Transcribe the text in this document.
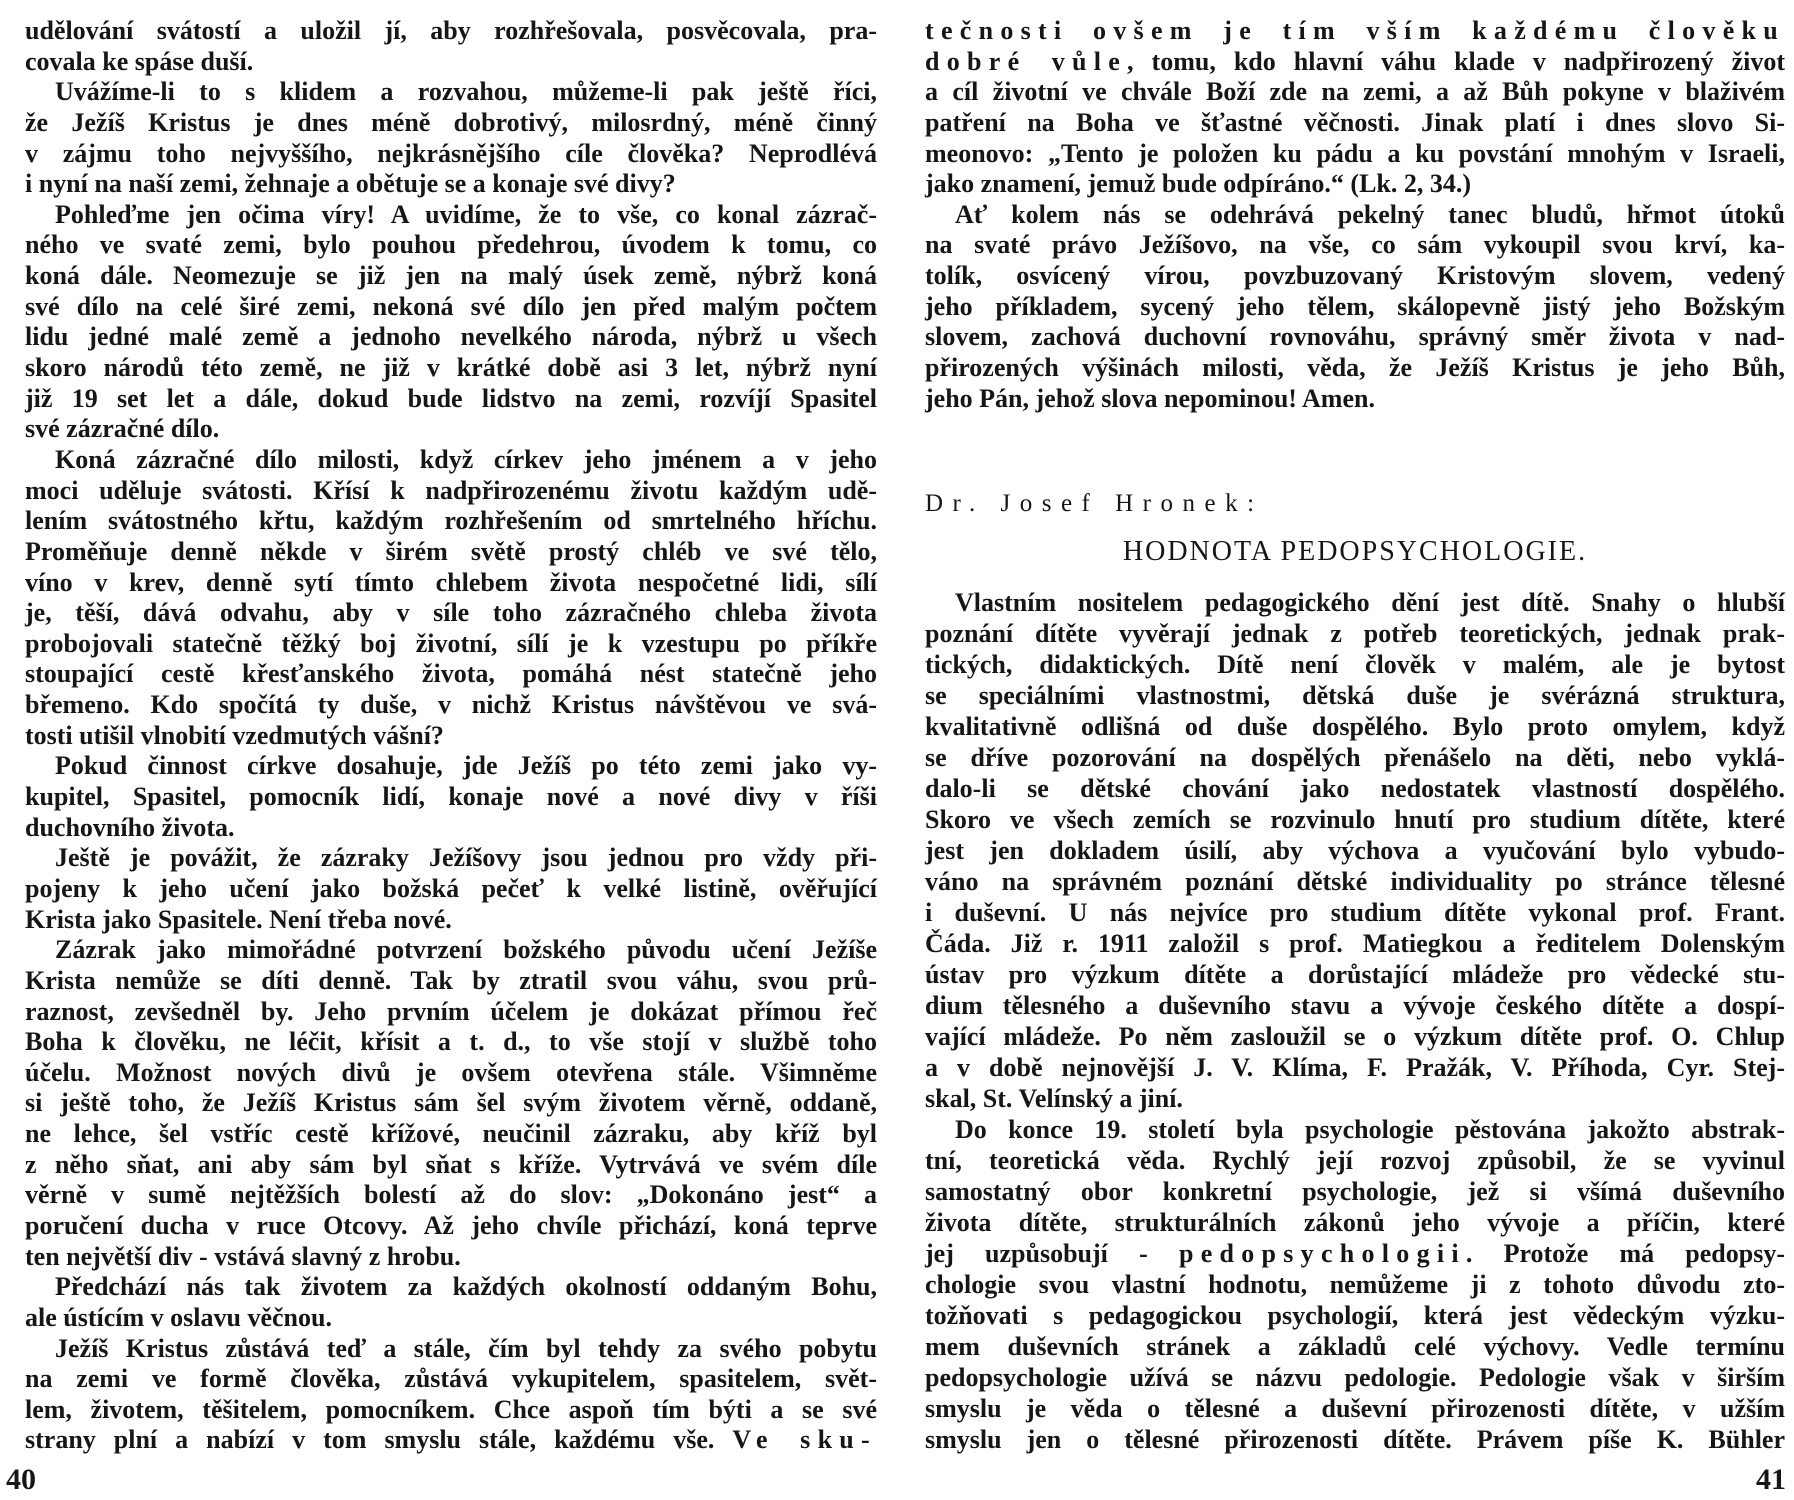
udělování svátostí a uložil jí, aby rozhřešovala, posvěcovala, pra-
covala ke spáse duší.
Uvážíme-li to s klidem a rozvahou, můžeme-li pak ještě říci,
že Ježíš Kristus je dnes méně dobrotivý, milosrdný, méně činný
v zájmu toho nejvyššího, nejkrásnějšího cíle člověka? Neprodlévá
i nyní na naší zemi, žehnaje a obětuje se a konaje své divy?
Pohleďme jen očima víry! A uvidíme, že to vše, co konal zázrač-
ného ve svaté zemi, bylo pouhou předehrou, úvodem k tomu, co
koná dále. Neomezuje se již jen na malý úsek země, nýbrž koná
své dílo na celé širé zemi, nekoná své dílo jen před malým počtem
lidu jedné malé země a jednoho nevelkého národa, nýbrž u všech
skoro národů této země, ne již v krátké době asi 3 let, nýbrž nyní
již 19 set let a dále, dokud bude lidstvo na zemi, rozvíjí Spasitel
své zázračné dílo.
Koná zázračné dílo milosti, když církev jeho jménem a v jeho
moci uděluje svátosti. Křísí k nadpřirozenému životu každým udě-
lením svátostného křtu, každým rozhřešením od smrtelného hříchu.
Proměňuje denně někde v širém světě prostý chléb ve své tělo,
víno v krev, denně sytí tímto chlebem života nespočetné lidi, sílí
je, těší, dává odvahu, aby v síle toho zázračného chleba života
probojovali statečně těžký boj životní, sílí je k vzestupu po příkře
stoupající cestě křesťanského života, pomáhá nést statečně jeho
břemeno. Kdo spočítá ty duše, v nichž Kristus návštěvou ve svá-
tosti utišil vlnobití vzedmutých vášní?
Pokud činnost církve dosahuje, jde Ježíš po této zemi jako vy-
kupitel, Spasitel, pomocník lidí, konaje nové a nové divy v říši
duchovního života.
Ještě je povážit, že zázraky Ježíšovy jsou jednou pro vždy při-
pojeny k jeho učení jako božská pečeť k velké listině, ověřující
Krista jako Spasitele. Není třeba nové.
Zázrak jako mimořádné potvrzení božského původu učení Ježíše
Krista nemůže se díti denně. Tak by ztratil svou váhu, svou prů-
raznost, zevšedněl by. Jeho prvním účelem je dokázat přímou řeč
Boha k člověku, ne léčit, křísit a t. d., to vše stojí v službě toho
účelu. Možnost nových divů je ovšem otevřena stále. Všimněme
si ještě toho, že Ježíš Kristus sám šel svým životem věrně, oddaně,
ne lehce, šel vstříc cestě křížové, neučinil zázraku, aby kříž byl
z něho sňat, ani aby sám byl sňat s kříže. Vytrvává ve svém díle
věrně v sumě nejtěžších bolestí až do slov: „Dokonáno jest“ a
poručení ducha v ruce Otcovy. Až jeho chvíle přichází, koná teprve
ten největší div - vstává slavný z hrobu.
Předchází nás tak životem za každých okolností oddaným Bohu,
ale ústícím v oslavu věčnou.
Ježíš Kristus zůstává teď a stále, čím byl tehdy za svého pobytu
na zemi ve formě člověka, zůstává vykupitelem, spasitelem, svět-
lem, životem, těšitelem, pomocníkem. Chce aspoň tím býti a se své
strany plní a nabízí v tom smyslu stále, každému vše. Ve sku-
40
tečnosti ovšem je tím vším každému člověku
dobré vůle, tomu, kdo hlavní váhu klade v nadpřirozený život
a cíl životní ve chvále Boží zde na zemi, a až Bůh pokyne v blaživém
patření na Boha ve šťastné věčnosti. Jinak platí i dnes slovo Si-
meonovo: „Tento je položen ku pádu a ku povstání mnohým v Israeli,
jako znamení, jemuž bude odpíráno.“ (Lk. 2, 34.)
Ať kolem nás se odehrává pekelný tanec bludů, hřmot útoků
na svaté právo Ježíšovo, na vše, co sám vykoupil svou krví, ka-
tolík, osvícený vírou, povzbuzovaný Kristovým slovem, vedený
jeho příkladem, sycený jeho tělem, skálopevně jistý jeho Božským
slovem, zachová duchovní rovnováhu, správný směr života v nad-
přirozených výšinách milosti, věda, že Ježíš Kristus je jeho Bůh,
jeho Pán, jehož slova nepominou! Amen.
Dr. Josef Hronek:
HODNOTA PEDOPSYCHOLOGIE.
Vlastním nositelem pedagogického dění jest dítě. Snahy o hlubší
poznání dítěte vyvěrají jednak z potřeb teoretických, jednak prak-
tických, didaktických. Dítě není člověk v malém, ale je bytost
se speciálními vlastnostmi, dětská duše je svérázná struktura,
kvalitativně odlišná od duše dospělého. Bylo proto omylem, když
se dříve pozorování na dospělých přenášelo na děti, nebo vyklá-
dalo-li se dětské chování jako nedostatek vlastností dospělého.
Skoro ve všech zemích se rozvinulo hnutí pro studium dítěte, které
jest jen dokladem úsilí, aby výchova a vyučování bylo vybudo-
váno na správném poznání dětské individuality po stránce tělesné
i duševní. U nás nejvíce pro studium dítěte vykonal prof. Frant.
Čáda. Již r. 1911 založil s prof. Matiegkou a ředitelem Dolenským
ústav pro výzkum dítěte a dorůstající mládeže pro vědecké stu-
dium tělesného a duševního stavu a vývoje českého dítěte a dospí-
vající mládeže. Po něm zasloužil se o výzkum dítěte prof. O. Chlup
a v době nejnovější J. V. Klíma, F. Pražák, V. Příhoda, Cyr. Stej-
skal, St. Velínský a jiní.
Do konce 19. století byla psychologie pěstována jakožto abstrak-
tní, teoretická věda. Rychlý její rozvoj způsobil, že se vyvinul
samostatný obor konkretní psychologie, jež si všímá duševního
života dítěte, strukturálních zákonů jeho vývoje a příčin, které
jej uzpůsobují - pedopsychologii. Protože má pedopsy-
chologie svou vlastní hodnotu, nemůžeme ji z tohoto důvodu zto-
tožňovati s pedagogickou psychologií, která jest vědeckým výzku-
mem duševních stránek a základů celé výchovy. Vedle termínu
pedopsychologie užívá se názvu pedologie. Pedologie však v širším
smyslu je věda o tělesné a duševní přirozenosti dítěte, v užším
smyslu jen o tělesné přirozenosti dítěte. Právem píše K. Bühler
41
